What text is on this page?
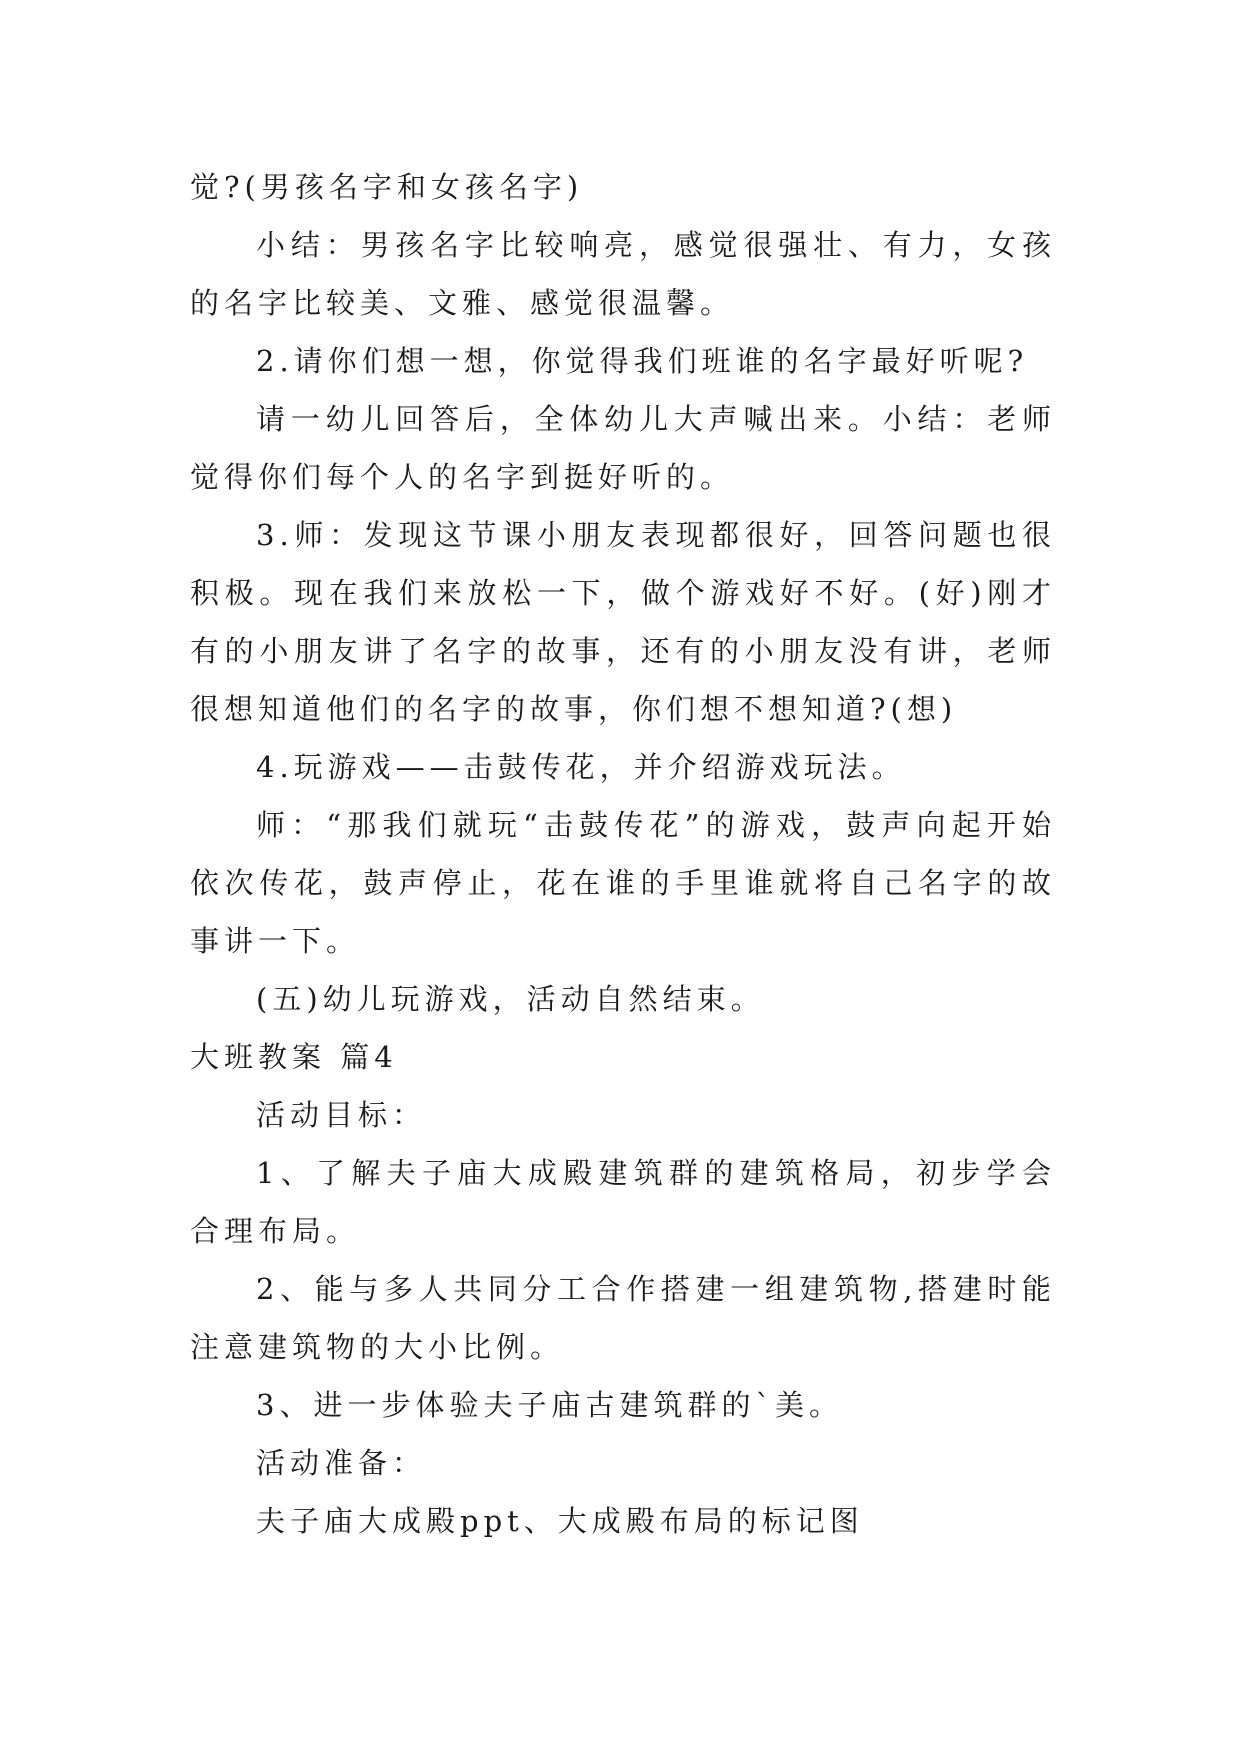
觉?(男孩名字和女孩名字)

小结：男孩名字比较响亮，感觉很强壮、有力，女孩的名字比较美、文雅、感觉很温馨。

2.请你们想一想，你觉得我们班谁的名字最好听呢?

请一幼儿回答后，全体幼儿大声喊出来。小结：老师觉得你们每个人的名字到挺好听的。

3.师：发现这节课小朋友表现都很好，回答问题也很积极。现在我们来放松一下，做个游戏好不好。(好)刚才有的小朋友讲了名字的故事，还有的小朋友没有讲，老师很想知道他们的名字的故事，你们想不想知道?(想)

4.玩游戏——击鼓传花，并介绍游戏玩法。

师：“那我们就玩“击鼓传花”的游戏，鼓声向起开始依次传花，鼓声停止，花在谁的手里谁就将自己名字的故事讲一下。

(五)幼儿玩游戏，活动自然结束。

大班教案 篇4

活动目标：

1、了解夫子庙大成殿建筑群的建筑格局，初步学会合理布局。

2、能与多人共同分工合作搭建一组建筑物,搭建时能注意建筑物的大小比例。

3、进一步体验夫子庙古建筑群的`美。

活动准备：

夫子庙大成殿ppt、大成殿布局的标记图
